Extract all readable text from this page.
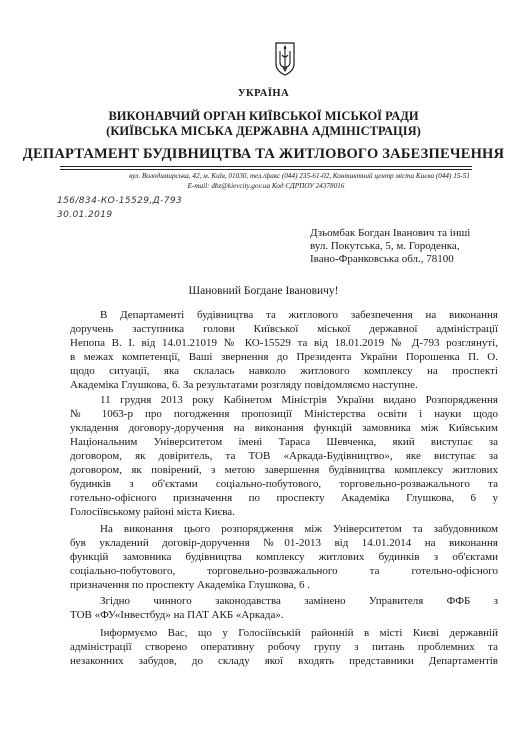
УКРАЇНА
ВИКОНАВЧИЙ ОРГАН КИЇВСЬКОЇ МІСЬКОЇ РАДИ
(КИЇВСЬКА МІСЬКА ДЕРЖАВНА АДМІНІСТРАЦІЯ)
ДЕПАРТАМЕНТ БУДІВНИЦТВА ТА ЖИТЛОВОГО ЗАБЕЗПЕЧЕННЯ
вул. Володимирська, 42, м. Київ, 01030, тел./факс (044) 235-61-02, Контактний центр міста Києва (044) 15-51
E-mail: dbz@kievcity.gov.ua Код ЄДРПОУ 24378016
156/834-КО-15529,Д-793
30.01.2019
Дзьомбак Богдан Іванович та інші
вул. Покутська, 5, м. Городенка,
Івано-Франковська обл., 78100
Шановний Богдане Івановичу!

В Департаменті будівництва та житлового забезпечення на виконання

доручень заступника голови Київської міської державної адміністрації

Непопа В. І. від 14.01.21019 № КО-15529 та від 18.01.2019 № Д-793 розглянуті,

в межах компетенції, Ваші звернення до Президента України Порошенка П. О.

щодо ситуації, яка склалась навколо житлового комплексу на проспекті

Академіка Глушкова, 6. За результатами розгляду повідомляємо наступне.

11 грудня 2013 року Кабінетом Міністрів України видано Розпорядження

№ 1063-р про погодження пропозиції Міністерства освіти і науки щодо

укладення договору-доручення на виконання функцій замовника між Київським

Національним Університетом імені Тараса Шевченка, який виступає за

договором, як довіритель, та ТОВ «Аркада-Будівництво», яке виступає за

договором, як повірений, з метою завершення будівництва комплексу житлових

будинків з об'єктами соціально-побутового, торговельно-розважального та

готельно-офісного призначення по проспекту Академіка Глушкова, 6 у

Голосіївському районі міста Києва.

На виконання цього розпорядження між Університетом та забудовником

був укладений договір-доручення №01-2013 від 14.01.2014 на виконання

функцій замовника будівництва комплексу житлових будинків з об'єктами

соціально-побутового, торговельно-розважального та готельно-офісного

призначення по проспекту Академіка Глушкова, 6 .

Згідно чинного законодавства замінено Управителя ФФБ з

ТОВ «ФУ«Інвестбуд» на ПАТ АКБ «Аркада».

Інформуємо Вас, що у Голосіївській районній в місті Києві державній

адміністрації створено оперативну робочу групу з питань проблемних та

незаконних забудов, до складу якої входять представники Департаментів
